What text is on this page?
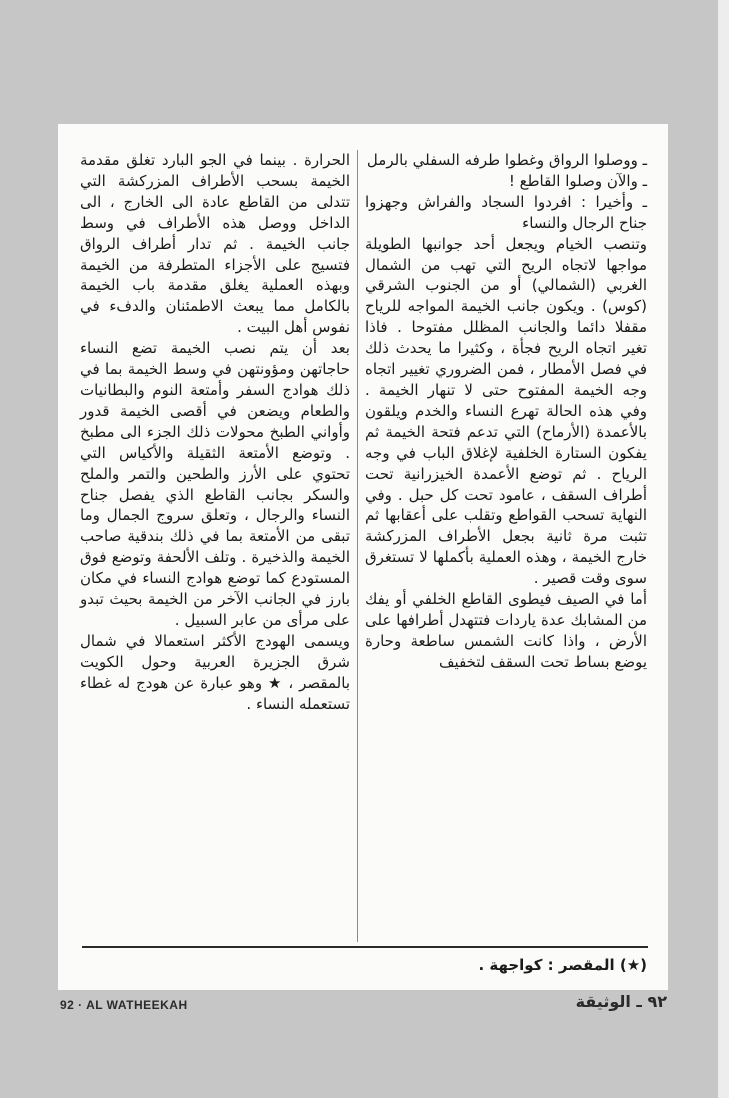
ـ ووصلوا الرواق وغطوا طرفه السفلي بالرمل

ـ والآن وصلوا القاطع !

ـ وأخيرا : افردوا السجاد والفراش وجهزوا جناح الرجال والنساء

وتنصب الخيام ويجعل أحد جوانبها الطويلة مواجها لاتجاه الريح التي تهب من الشمال الغربي (الشمالي) أو من الجنوب الشرقي (كوس) . ويكون جانب الخيمة المواجه للرياح مقفلا دائما والجانب المظلل مفتوحا . فاذا تغير اتجاه الريح فجأة ، وكثيرا ما يحدث ذلك في فصل الأمطار ، فمن الضروري تغيير اتجاه وجه الخيمة المفتوح حتى لا تنهار الخيمة . وفي هذه الحالة تهرع النساء والخدم ويلقون بالأعمدة (الأرماح) التي تدعم فتحة الخيمة ثم يفكون الستارة الخلفية لإغلاق الباب في وجه الرياح . ثم توضع الأعمدة الخيزرانية تحت أطراف السقف ، عامود تحت كل حبل . وفي النهاية تسحب القواطع وتقلب على أعقابها ثم تثبت مرة ثانية بجعل الأطراف المزركشة خارج الخيمة ، وهذه العملية بأكملها لا تستغرق سوى وقت قصير .

أما في الصيف فيطوى القاطع الخلفي أو يفك من المشابك عدة ياردات فتتهدل أطرافها على الأرض ، واذا كانت الشمس ساطعة وحارة يوضع بساط تحت السقف لتخفيف

الحرارة . بينما في الجو البارد تغلق مقدمة الخيمة بسحب الأطراف المزركشة التي تتدلى من القاطع عادة الى الخارج ، الى الداخل ووصل هذه الأطراف في وسط جانب الخيمة . ثم تدار أطراف الرواق فتسيج على الأجزاء المتطرفة من الخيمة وبهذه العملية يغلق مقدمة باب الخيمة بالكامل مما يبعث الاطمئنان والدفء في نفوس أهل البيت .

بعد أن يتم نصب الخيمة تضع النساء حاجاتهن ومؤونتهن في وسط الخيمة بما في ذلك هوادج السفر وأمتعة النوم والبطانيات والطعام ويضعن في أقصى الخيمة قدور وأواني الطبخ محولات ذلك الجزء الى مطبخ . وتوضع الأمتعة الثقيلة والأكياس التي تحتوي على الأرز والطحين والتمر والملح والسكر بجانب القاطع الذي يفصل جناح النساء والرجال ، وتعلق سروج الجمال وما تبقى من الأمتعة بما في ذلك بندقية صاحب الخيمة والذخيرة . وتلف الألحفة وتوضع فوق المستودع كما توضع هوادج النساء في مكان بارز في الجانب الآخر من الخيمة بحيث تبدو على مرأى من عابر السبيل .

ويسمى الهودج الأكثر استعمالا في شمال شرق الجزيرة العربية وحول الكويت بالمقصر ، ★ وهو عبارة عن هودج له غطاء تستعمله النساء .

(★) المقصر : كواجهة .
92 · AL WATHEEKAH	٩٢ ـ الوثيقة
